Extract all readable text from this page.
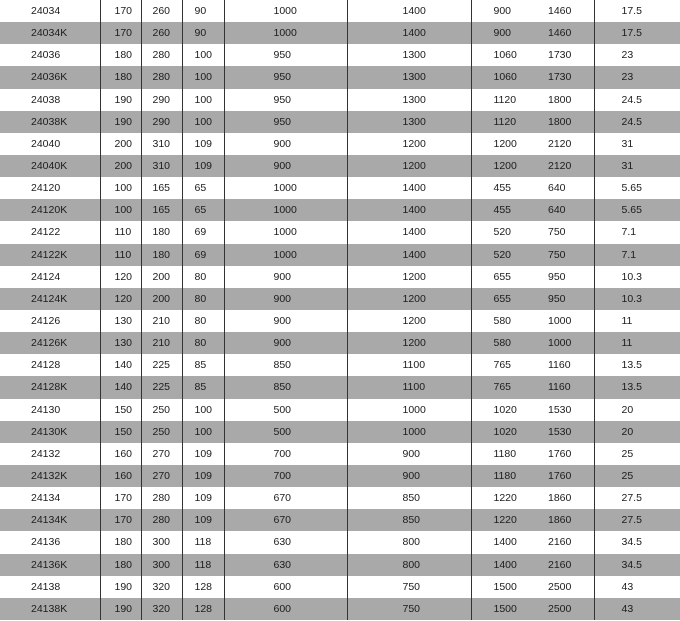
24034	170	260	90	1000	1400	900	1460	17.5
24034K	170	260	90	1000	1400	900	1460	17.5
24036	180	280	100	950	1300	1060	1730	23
24036K	180	280	100	950	1300	1060	1730	23
24038	190	290	100	950	1300	1120	1800	24.5
24038K	190	290	100	950	1300	1120	1800	24.5
24040	200	310	109	900	1200	1200	2120	31
24040K	200	310	109	900	1200	1200	2120	31
24120	100	165	65	1000	1400	455	640	5.65
24120K	100	165	65	1000	1400	455	640	5.65
24122	110	180	69	1000	1400	520	750	7.1
24122K	110	180	69	1000	1400	520	750	7.1
24124	120	200	80	900	1200	655	950	10.3
24124K	120	200	80	900	1200	655	950	10.3
24126	130	210	80	900	1200	580	1000	11
24126K	130	210	80	900	1200	580	1000	11
24128	140	225	85	850	1100	765	1160	13.5
24128K	140	225	85	850	1100	765	1160	13.5
24130	150	250	100	500	1000	1020	1530	20
24130K	150	250	100	500	1000	1020	1530	20
24132	160	270	109	700	900	1180	1760	25
24132K	160	270	109	700	900	1180	1760	25
24134	170	280	109	670	850	1220	1860	27.5
24134K	170	280	109	670	850	1220	1860	27.5
24136	180	300	118	630	800	1400	2160	34.5
24136K	180	300	118	630	800	1400	2160	34.5
24138	190	320	128	600	750	1500	2500	43
24138K	190	320	128	600	750	1500	2500	43
